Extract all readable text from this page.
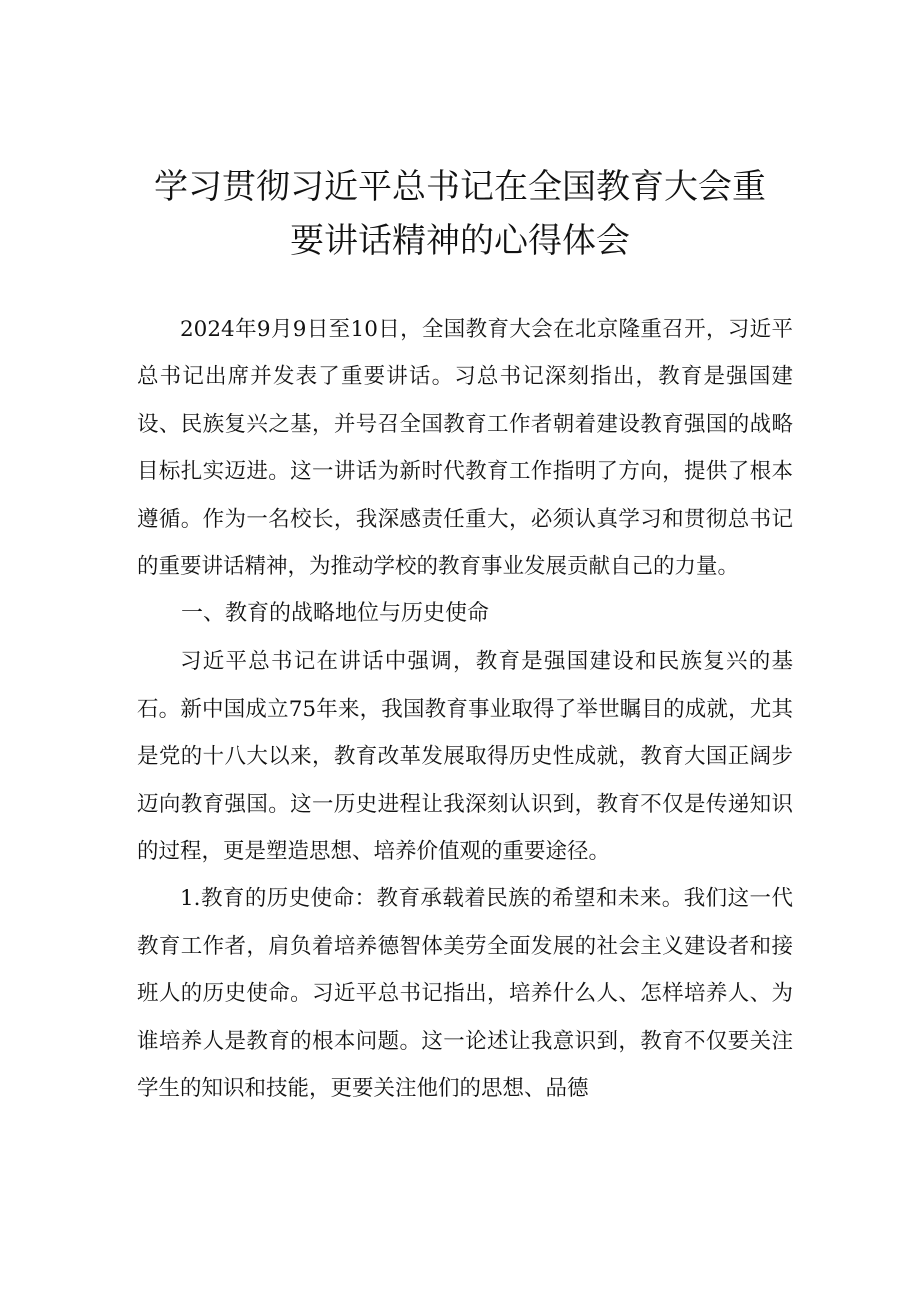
学习贯彻习近平总书记在全国教育大会重
要讲话精神的心得体会

2024年9月9日至10日，全国教育大会在北京隆重召开，习近平总书记出席并发表了重要讲话。习总书记深刻指出，教育是强国建设、民族复兴之基，并号召全国教育工作者朝着建设教育强国的战略目标扎实迈进。这一讲话为新时代教育工作指明了方向，提供了根本遵循。作为一名校长，我深感责任重大，必须认真学习和贯彻总书记的重要讲话精神，为推动学校的教育事业发展贡献自己的力量。

一、教育的战略地位与历史使命

习近平总书记在讲话中强调，教育是强国建设和民族复兴的基石。新中国成立75年来，我国教育事业取得了举世瞩目的成就，尤其是党的十八大以来，教育改革发展取得历史性成就，教育大国正阔步迈向教育强国。这一历史进程让我深刻认识到，教育不仅是传递知识的过程，更是塑造思想、培养价值观的重要途径。

1.教育的历史使命：教育承载着民族的希望和未来。我们这一代教育工作者，肩负着培养德智体美劳全面发展的社会主义建设者和接班人的历史使命。习近平总书记指出，培养什么人、怎样培养人、为谁培养人是教育的根本问题。这一论述让我意识到，教育不仅要关注学生的知识和技能，更要关注他们的思想、品德
